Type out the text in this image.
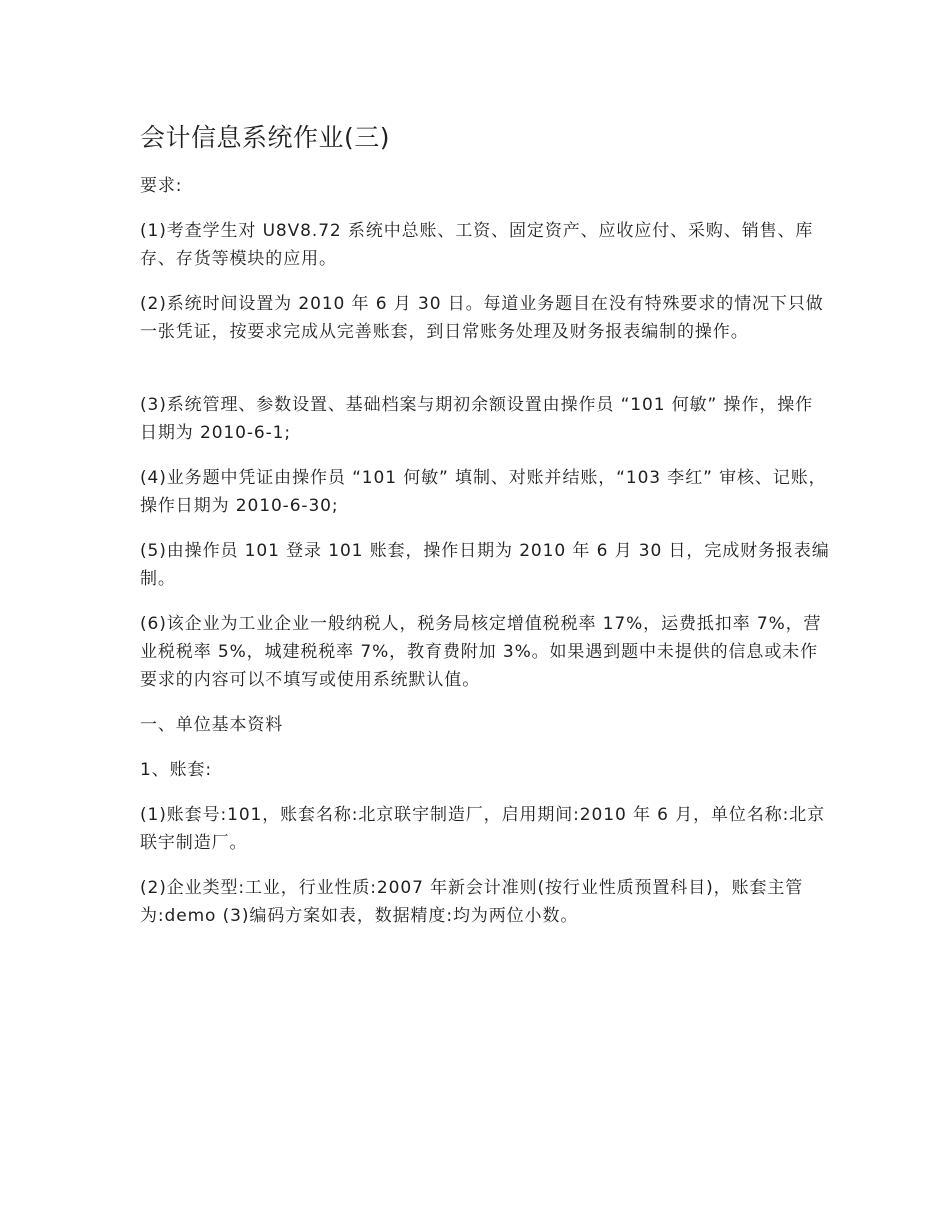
会计信息系统作业(三)

要求:

(1)考查学生对 U8V8.72 系统中总账、工资、固定资产、应收应付、采购、销售、库存、存货等模块的应用。

(2)系统时间设置为 2010 年 6 月 30 日。每道业务题目在没有特殊要求的情况下只做一张凭证，按要求完成从完善账套，到日常账务处理及财务报表编制的操作。

(3)系统管理、参数设置、基础档案与期初余额设置由操作员 “101 何敏” 操作，操作日期为 2010-6-1;

(4)业务题中凭证由操作员 “101 何敏” 填制、对账并结账，“103 李红” 审核、记账，操作日期为 2010-6-30;

(5)由操作员 101 登录 101 账套，操作日期为 2010 年 6 月 30 日，完成财务报表编制。

(6)该企业为工业企业一般纳税人，税务局核定增值税税率 17%，运费抵扣率 7%，营业税税率 5%，城建税税率 7%，教育费附加 3%。如果遇到题中未提供的信息或未作要求的内容可以不填写或使用系统默认值。

一、单位基本资料

1、账套:

(1)账套号:101，账套名称:北京联宇制造厂，启用期间:2010 年 6 月，单位名称:北京联宇制造厂。

(2)企业类型:工业，行业性质:2007 年新会计准则(按行业性质预置科目)，账套主管为:demo (3)编码方案如表，数据精度:均为两位小数。
